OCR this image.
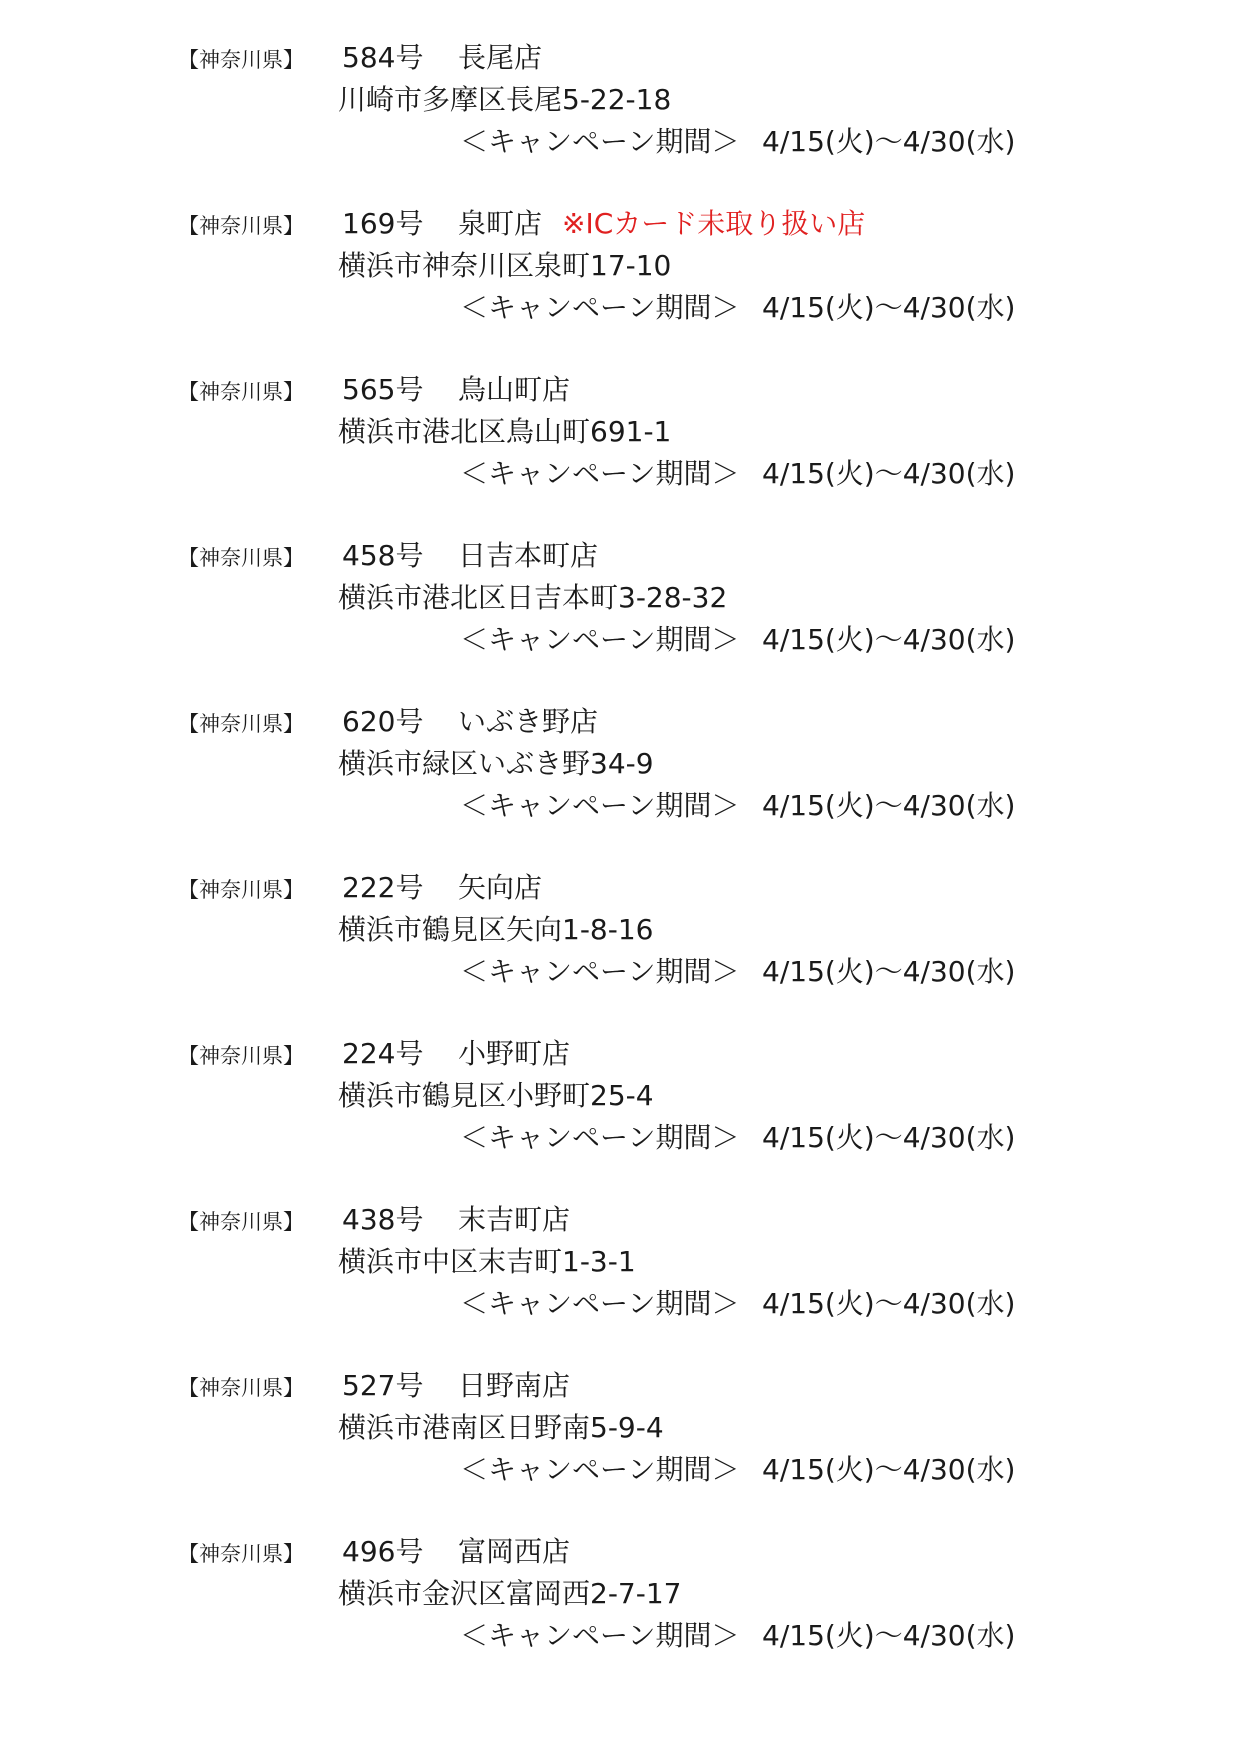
【神奈川県】 584号 長尾店
川崎市多摩区長尾5-22-18
＜キャンペーン期間＞ 4/15(火)～4/30(水)
【神奈川県】 169号 泉町店 ※ICカード未取り扱い店
横浜市神奈川区泉町17-10
＜キャンペーン期間＞ 4/15(火)～4/30(水)
【神奈川県】 565号 鳥山町店
横浜市港北区鳥山町691-1
＜キャンペーン期間＞ 4/15(火)～4/30(水)
【神奈川県】 458号 日吉本町店
横浜市港北区日吉本町3-28-32
＜キャンペーン期間＞ 4/15(火)～4/30(水)
【神奈川県】 620号 いぶき野店
横浜市緑区いぶき野34-9
＜キャンペーン期間＞ 4/15(火)～4/30(水)
【神奈川県】 222号 矢向店
横浜市鶴見区矢向1-8-16
＜キャンペーン期間＞ 4/15(火)～4/30(水)
【神奈川県】 224号 小野町店
横浜市鶴見区小野町25-4
＜キャンペーン期間＞ 4/15(火)～4/30(水)
【神奈川県】 438号 末吉町店
横浜市中区末吉町1-3-1
＜キャンペーン期間＞ 4/15(火)～4/30(水)
【神奈川県】 527号 日野南店
横浜市港南区日野南5-9-4
＜キャンペーン期間＞ 4/15(火)～4/30(水)
【神奈川県】 496号 富岡西店
横浜市金沢区富岡西2-7-17
＜キャンペーン期間＞ 4/15(火)～4/30(水)
